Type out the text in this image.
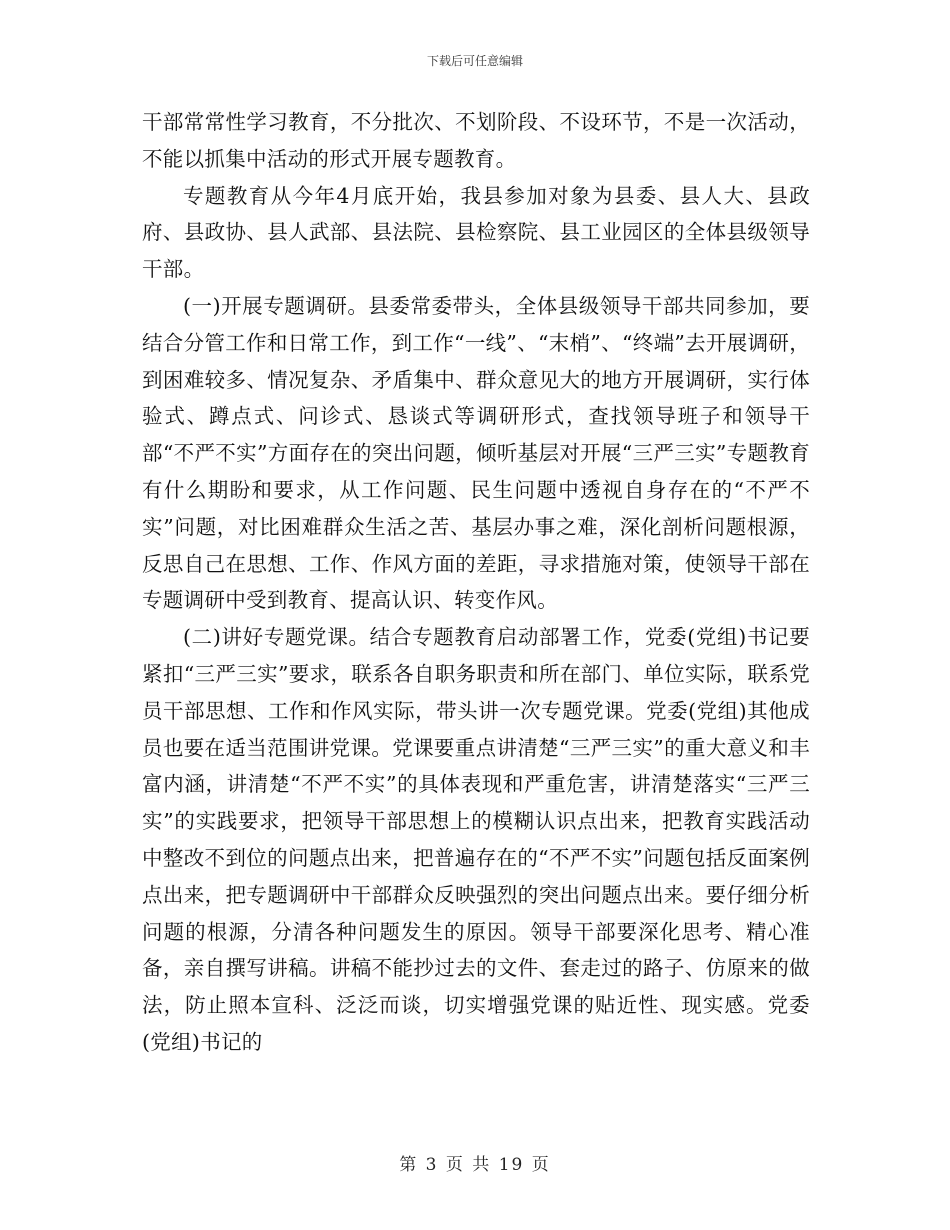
下载后可任意编辑

干部常常性学习教育，不分批次、不划阶段、不设环节，不是一次活动，不能以抓集中活动的形式开展专题教育。

专题教育从今年4月底开始，我县参加对象为县委、县人大、县政府、县政协、县人武部、县法院、县检察院、县工业园区的全体县级领导干部。

(一)开展专题调研。县委常委带头，全体县级领导干部共同参加，要结合分管工作和日常工作，到工作“一线”、“末梢”、“终端”去开展调研，到困难较多、情况复杂、矛盾集中、群众意见大的地方开展调研，实行体验式、蹲点式、问诊式、恳谈式等调研形式，查找领导班子和领导干部“不严不实”方面存在的突出问题，倾听基层对开展“三严三实”专题教育有什么期盼和要求，从工作问题、民生问题中透视自身存在的“不严不实”问题，对比困难群众生活之苦、基层办事之难，深化剖析问题根源，反思自己在思想、工作、作风方面的差距，寻求措施对策，使领导干部在专题调研中受到教育、提高认识、转变作风。

(二)讲好专题党课。结合专题教育启动部署工作，党委(党组)书记要紧扣“三严三实”要求，联系各自职务职责和所在部门、单位实际，联系党员干部思想、工作和作风实际，带头讲一次专题党课。党委(党组)其他成员也要在适当范围讲党课。党课要重点讲清楚“三严三实”的重大意义和丰富内涵，讲清楚“不严不实”的具体表现和严重危害，讲清楚落实“三严三实”的实践要求，把领导干部思想上的模糊认识点出来，把教育实践活动中整改不到位的问题点出来，把普遍存在的“不严不实”问题包括反面案例点出来，把专题调研中干部群众反映强烈的突出问题点出来。要仔细分析问题的根源，分清各种问题发生的原因。领导干部要深化思考、精心准备，亲自撰写讲稿。讲稿不能抄过去的文件、套走过的路子、仿原来的做法，防止照本宣科、泛泛而谈，切实增强党课的贴近性、现实感。党委(党组)书记的

第 3 页 共 19 页
